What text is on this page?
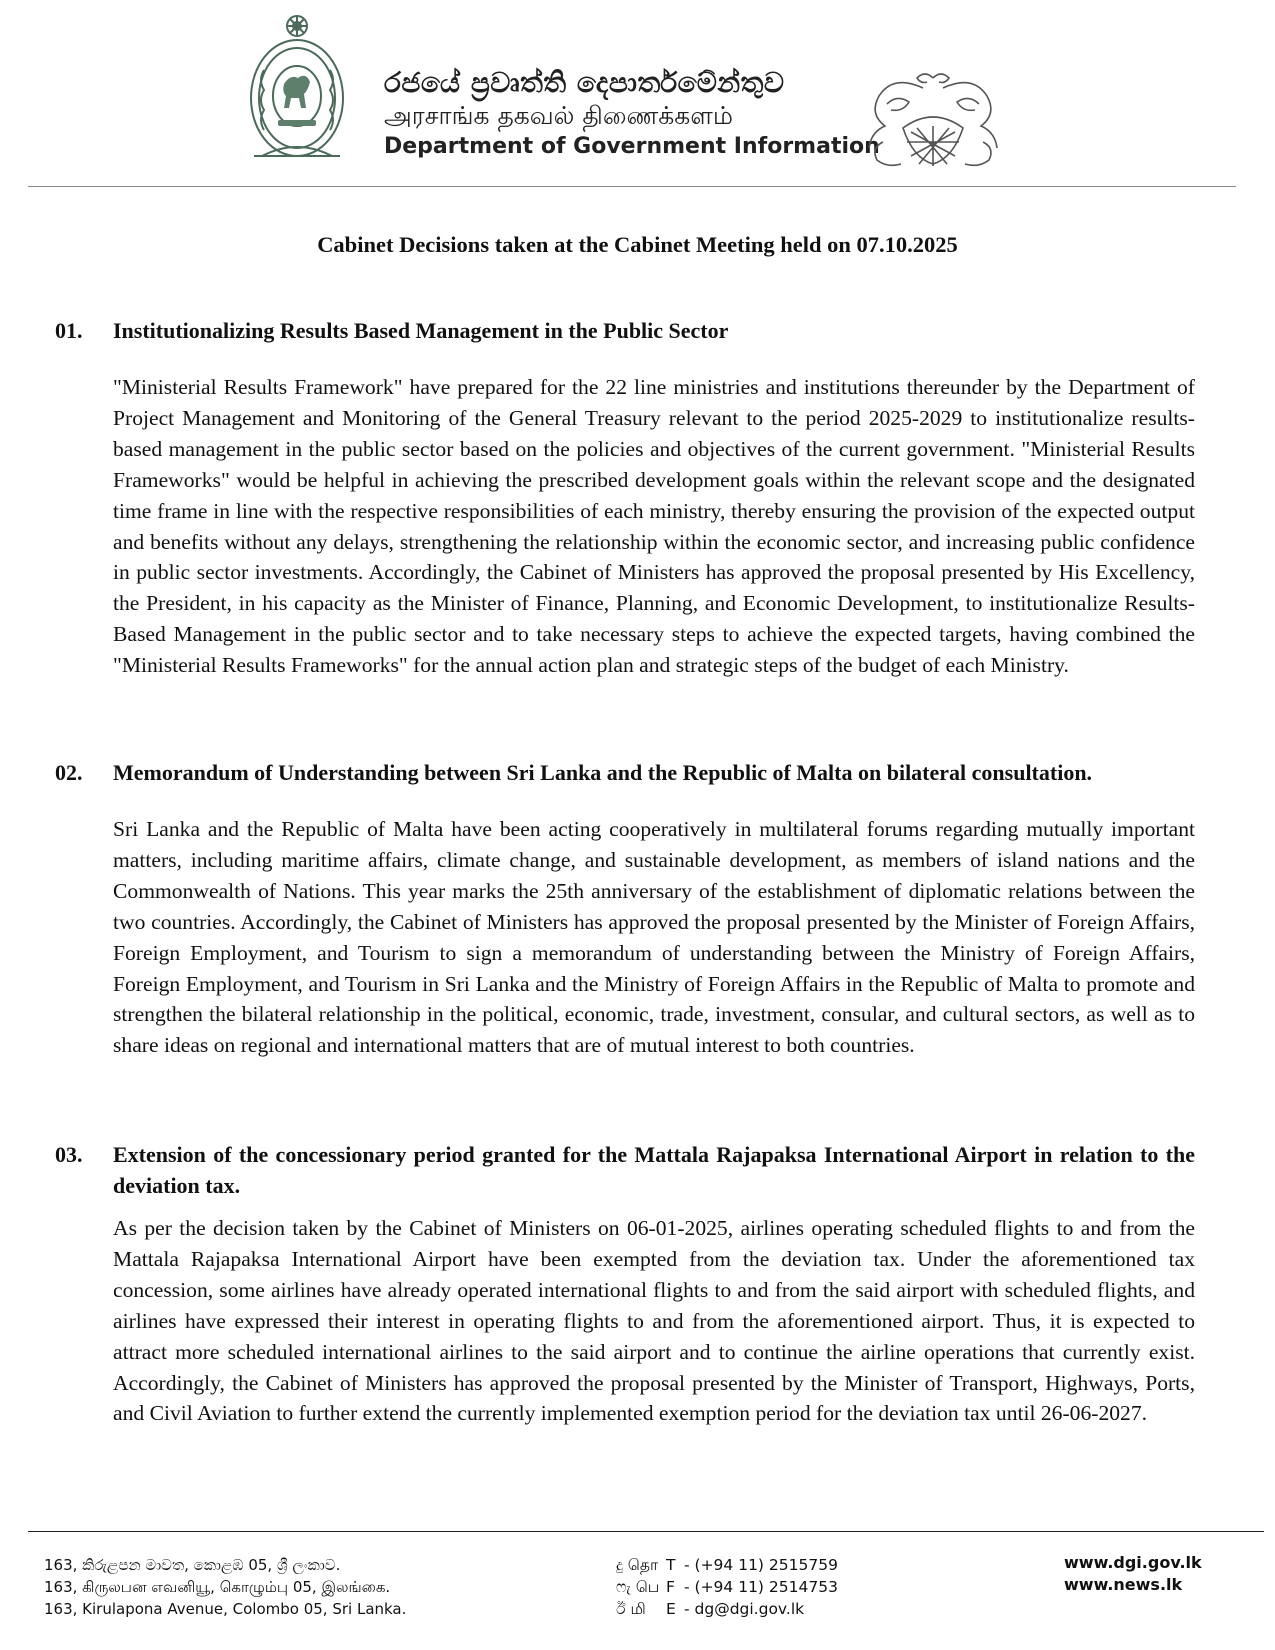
රජයේ ප්‍රවෘත්ති දෙපාර්තමේන්තුව
அரசாங்க தகவல் திணைக்களம்
Department of Government Information
Cabinet Decisions taken at the Cabinet Meeting held on 07.10.2025
01. Institutionalizing Results Based Management in the Public Sector
"Ministerial Results Framework" have prepared for the 22 line ministries and institutions thereunder by the Department of Project Management and Monitoring of the General Treasury relevant to the period 2025-2029 to institutionalize results-based management in the public sector based on the policies and objectives of the current government. "Ministerial Results Frameworks" would be helpful in achieving the prescribed development goals within the relevant scope and the designated time frame in line with the respective responsibilities of each ministry, thereby ensuring the provision of the expected output and benefits without any delays, strengthening the relationship within the economic sector, and increasing public confidence in public sector investments. Accordingly, the Cabinet of Ministers has approved the proposal presented by His Excellency, the President, in his capacity as the Minister of Finance, Planning, and Economic Development, to institutionalize Results-Based Management in the public sector and to take necessary steps to achieve the expected targets, having combined the "Ministerial Results Frameworks" for the annual action plan and strategic steps of the budget of each Ministry.
02. Memorandum of Understanding between Sri Lanka and the Republic of Malta on bilateral consultation.
Sri Lanka and the Republic of Malta have been acting cooperatively in multilateral forums regarding mutually important matters, including maritime affairs, climate change, and sustainable development, as members of island nations and the Commonwealth of Nations. This year marks the 25th anniversary of the establishment of diplomatic relations between the two countries. Accordingly, the Cabinet of Ministers has approved the proposal presented by the Minister of Foreign Affairs, Foreign Employment, and Tourism to sign a memorandum of understanding between the Ministry of Foreign Affairs, Foreign Employment, and Tourism in Sri Lanka and the Ministry of Foreign Affairs in the Republic of Malta to promote and strengthen the bilateral relationship in the political, economic, trade, investment, consular, and cultural sectors, as well as to share ideas on regional and international matters that are of mutual interest to both countries.
03. Extension of the concessionary period granted for the Mattala Rajapaksa International Airport in relation to the deviation tax.
As per the decision taken by the Cabinet of Ministers on 06-01-2025, airlines operating scheduled flights to and from the Mattala Rajapaksa International Airport have been exempted from the deviation tax. Under the aforementioned tax concession, some airlines have already operated international flights to and from the said airport with scheduled flights, and airlines have expressed their interest in operating flights to and from the aforementioned airport. Thus, it is expected to attract more scheduled international airlines to the said airport and to continue the airline operations that currently exist. Accordingly, the Cabinet of Ministers has approved the proposal presented by the Minister of Transport, Highways, Ports, and Civil Aviation to further extend the currently implemented exemption period for the deviation tax until 26-06-2027.
163, කිරුළපන මාවත, කොළඹ 05, ශ්‍රී ලංකාව.
163, கிருலபன எவனியூ, கொழும்பு 05, இலங்கை.
163, Kirulapona Avenue, Colombo 05, Sri Lanka.
දු தொ T - (+94 11) 2515759
ෆැ பெ F - (+94 11) 2514753
ඊ மி E - dg@dgi.gov.lk
www.dgi.gov.lk
www.news.lk
